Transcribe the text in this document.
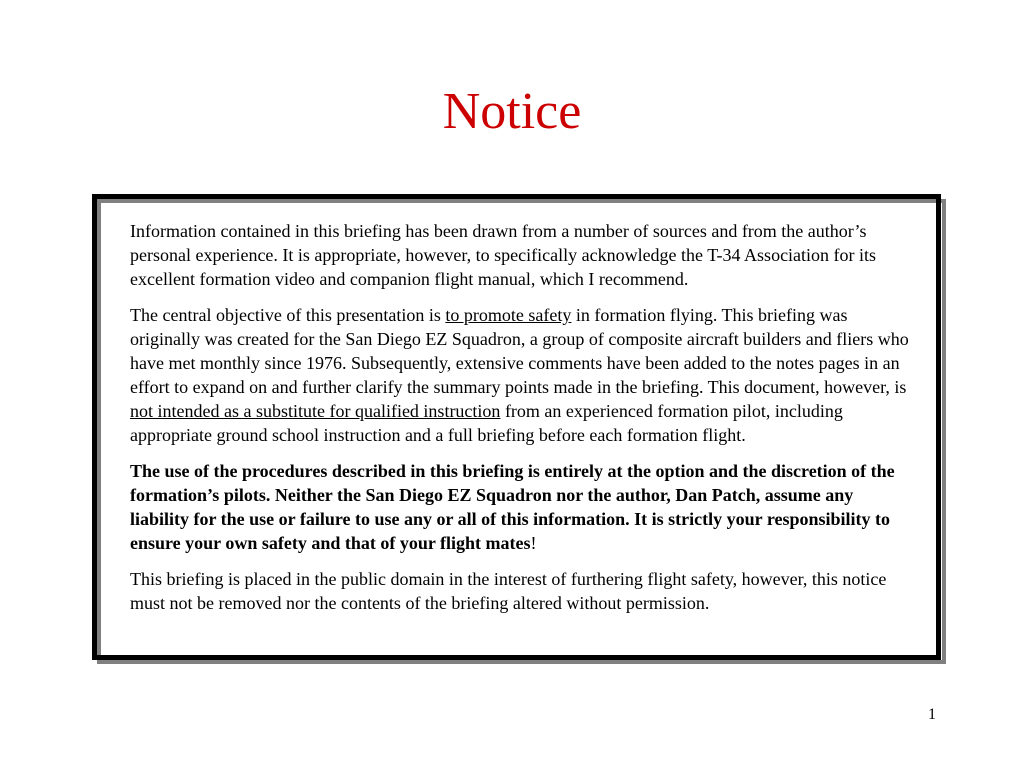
Notice

Information contained in this briefing has been drawn from a number of sources and from the author’s personal experience. It is appropriate, however, to specifically acknowledge the T-34 Association for its excellent formation video and companion flight manual, which I recommend.

The central objective of this presentation is to promote safety in formation flying. This briefing was originally was created for the San Diego EZ Squadron, a group of composite aircraft builders and fliers who have met monthly since 1976. Subsequently, extensive comments have been added to the notes pages in an effort to expand on and further clarify the summary points made in the briefing. This document, however, is not intended as a substitute for qualified instruction from an experienced formation pilot, including appropriate ground school instruction and a full briefing before each formation flight.

The use of the procedures described in this briefing is entirely at the option and the discretion of the formation’s pilots. Neither the San Diego EZ Squadron nor the author, Dan Patch, assume any liability for the use or failure to use any or all of this information. It is strictly your responsibility to ensure your own safety and that of your flight mates!

This briefing is placed in the public domain in the interest of furthering flight safety, however, this notice must not be removed nor the contents of the briefing altered without permission.

1
